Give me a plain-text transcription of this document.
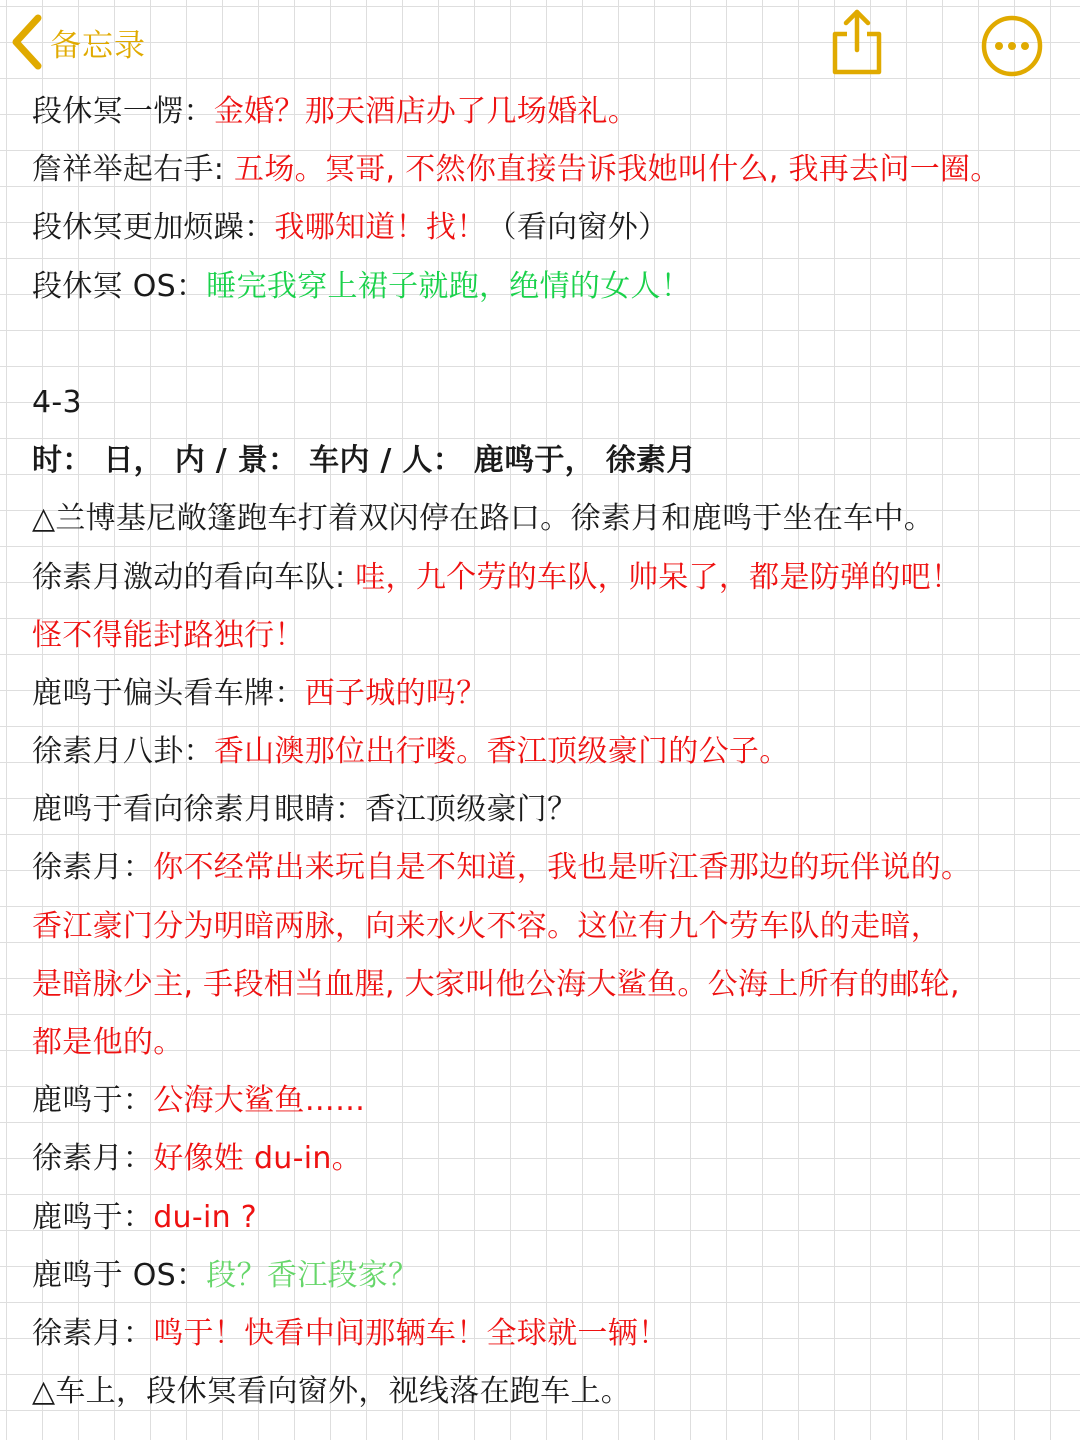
备忘录
段休冥一愣：金婚？那天酒店办了几场婚礼。
詹祥举起右手: 五场。冥哥, 不然你直接告诉我她叫什么, 我再去问一圈。
段休冥更加烦躁：我哪知道！找！（看向窗外）
段休冥 OS：睡完我穿上裙子就跑，绝情的女人！
4-3
时： 日， 内 / 景： 车内 / 人： 鹿鸣于， 徐素月
△兰博基尼敞篷跑车打着双闪停在路口。徐素月和鹿鸣于坐在车中。
徐素月激动的看向车队: 哇，九个劳的车队，帅呆了，都是防弹的吧！
怪不得能封路独行！
鹿鸣于偏头看车牌：西子城的吗？
徐素月八卦：香山澳那位出行喽。香江顶级豪门的公子。
鹿鸣于看向徐素月眼睛：香江顶级豪门？
徐素月：你不经常出来玩自是不知道，我也是听江香那边的玩伴说的。
香江豪门分为明暗两脉，向来水火不容。这位有九个劳车队的走暗，
是暗脉少主, 手段相当血腥, 大家叫他公海大鲨鱼。公海上所有的邮轮,
都是他的。
鹿鸣于：公海大鲨鱼……
徐素月：好像姓 du-in。
鹿鸣于：du-in ?
鹿鸣于 OS：段？香江段家？
徐素月：鸣于！快看中间那辆车！全球就一辆！
△车上，段休冥看向窗外，视线落在跑车上。
